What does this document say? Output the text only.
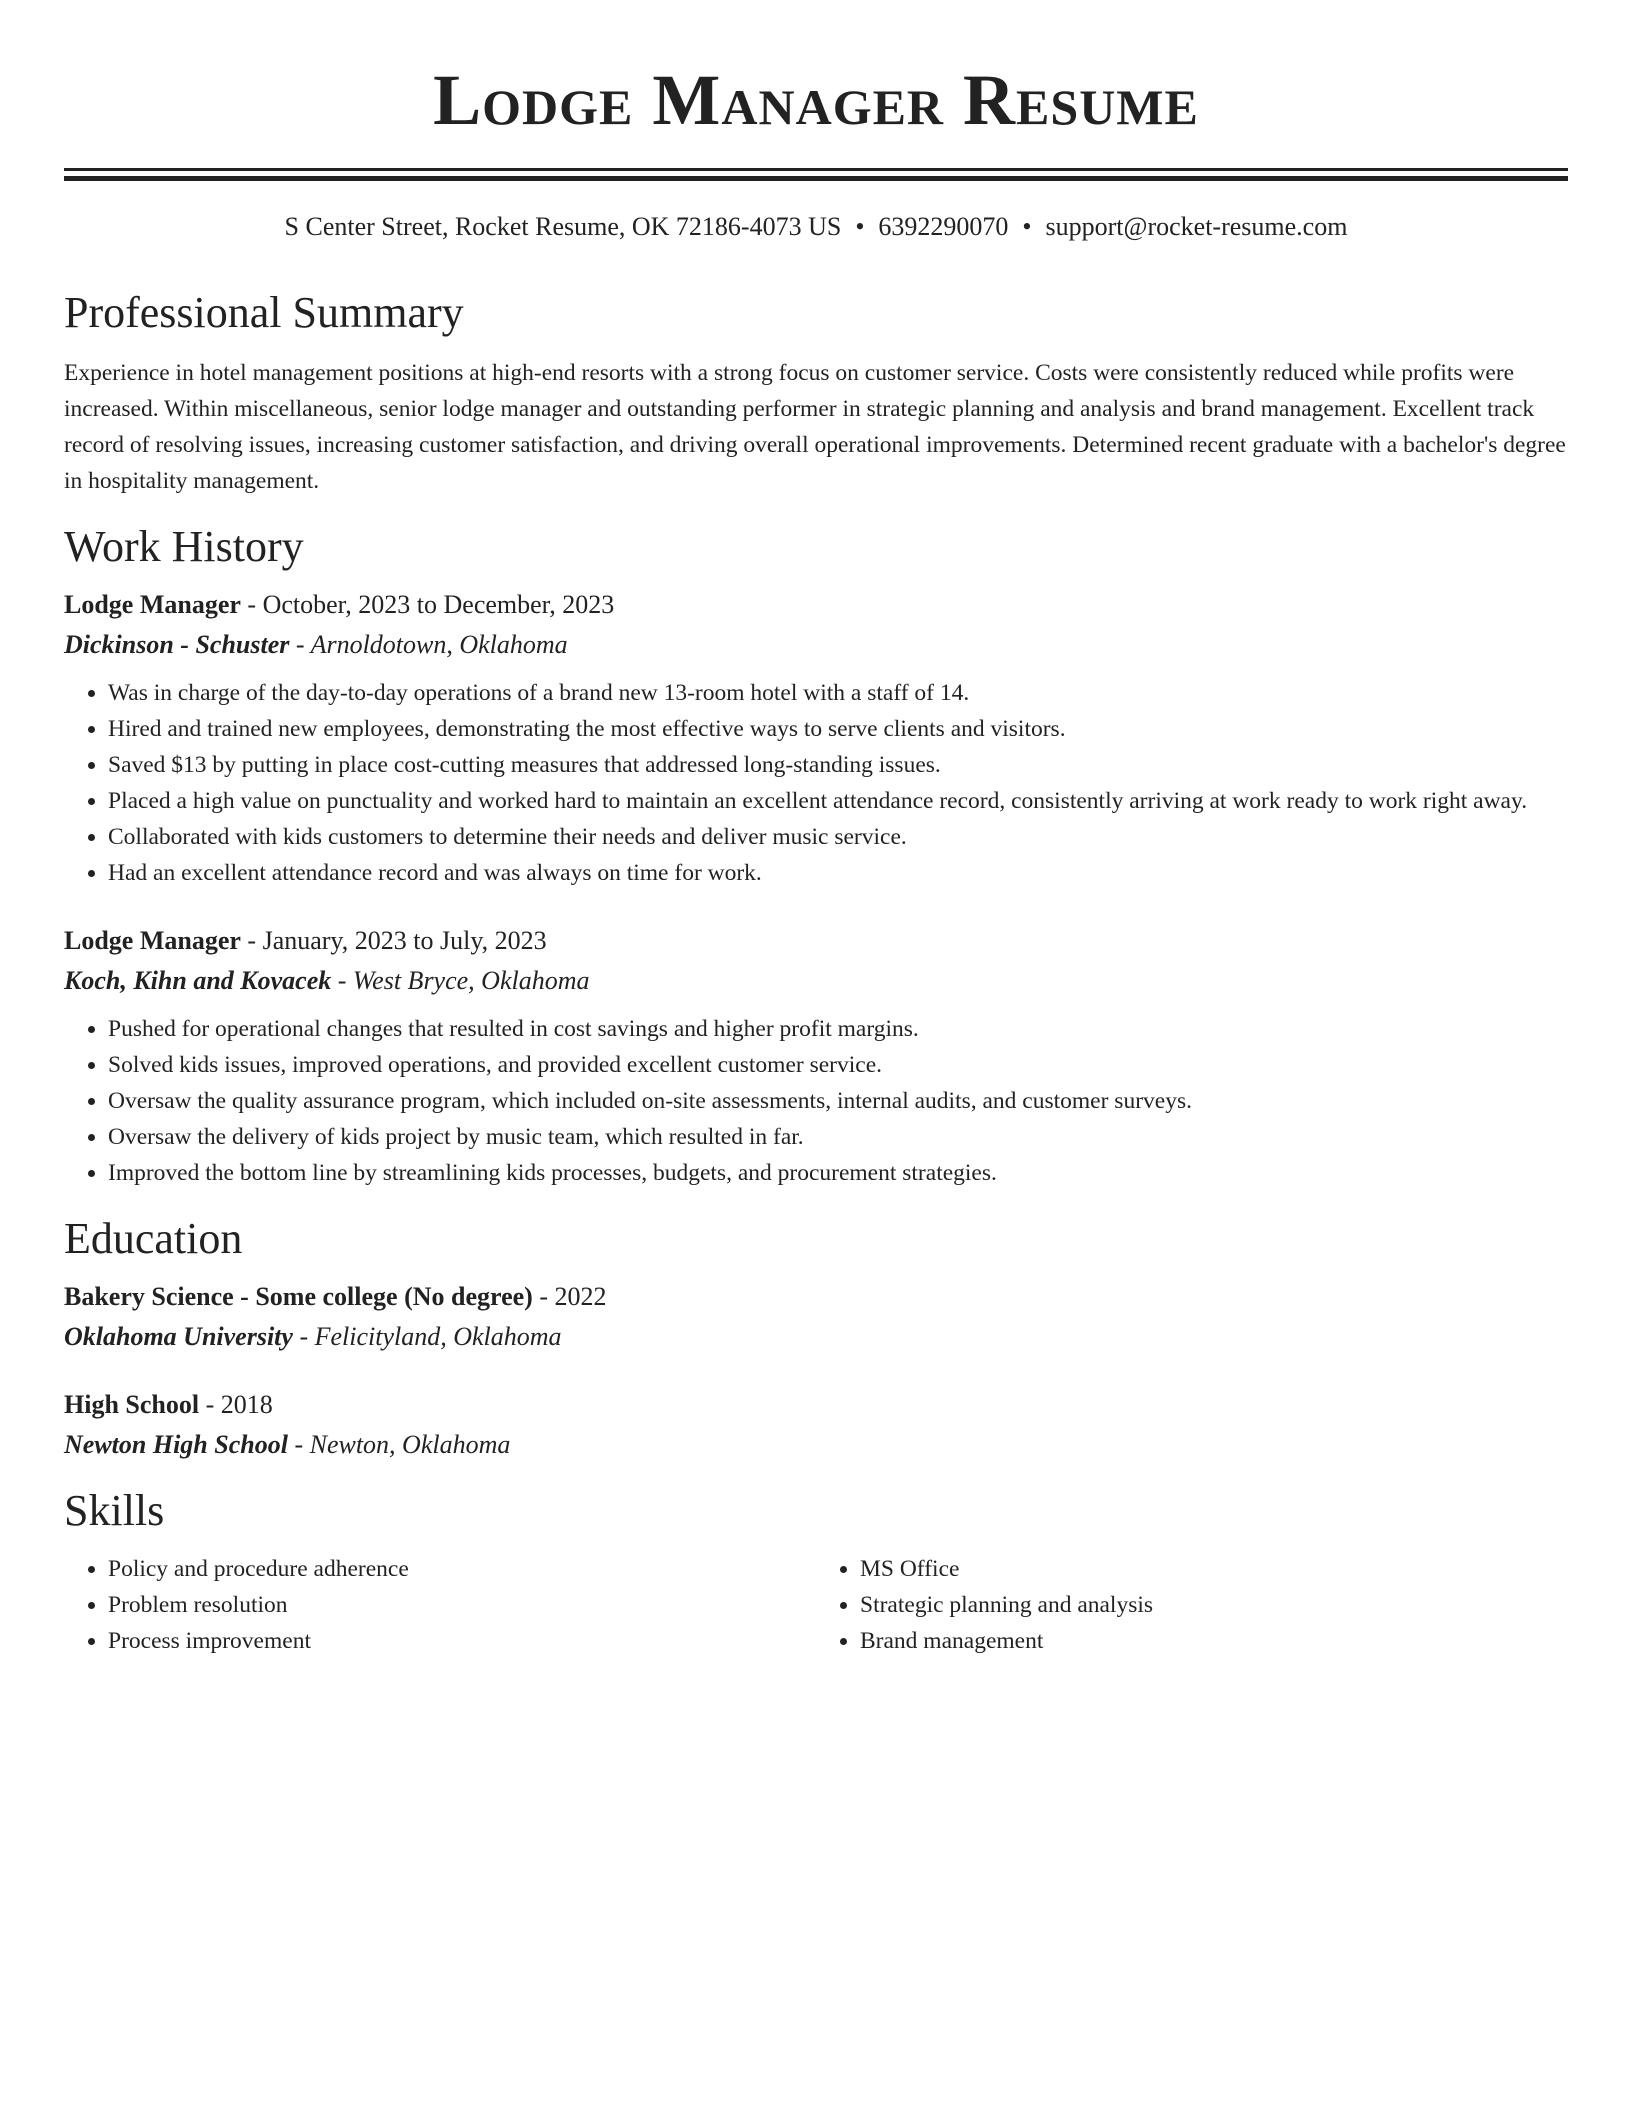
Lodge Manager Resume
S Center Street, Rocket Resume, OK 72186-4073 US • 6392290070 • support@rocket-resume.com
Professional Summary

Experience in hotel management positions at high-end resorts with a strong focus on customer service. Costs were consistently reduced while profits were increased. Within miscellaneous, senior lodge manager and outstanding performer in strategic planning and analysis and brand management. Excellent track record of resolving issues, increasing customer satisfaction, and driving overall operational improvements. Determined recent graduate with a bachelor's degree in hospitality management.

Work History
Lodge Manager - October, 2023 to December, 2023
Dickinson - Schuster - Arnoldotown, Oklahoma
• Was in charge of the day-to-day operations of a brand new 13-room hotel with a staff of 14.
• Hired and trained new employees, demonstrating the most effective ways to serve clients and visitors.
• Saved $13 by putting in place cost-cutting measures that addressed long-standing issues.
• Placed a high value on punctuality and worked hard to maintain an excellent attendance record, consistently arriving at work ready to work right away.
• Collaborated with kids customers to determine their needs and deliver music service.
• Had an excellent attendance record and was always on time for work.
Lodge Manager - January, 2023 to July, 2023
Koch, Kihn and Kovacek - West Bryce, Oklahoma
• Pushed for operational changes that resulted in cost savings and higher profit margins.
• Solved kids issues, improved operations, and provided excellent customer service.
• Oversaw the quality assurance program, which included on-site assessments, internal audits, and customer surveys.
• Oversaw the delivery of kids project by music team, which resulted in far.
• Improved the bottom line by streamlining kids processes, budgets, and procurement strategies.
Education
Bakery Science - Some college (No degree) - 2022
Oklahoma University - Felicityland, Oklahoma
High School - 2018
Newton High School - Newton, Oklahoma
Skills
• Policy and procedure adherence
• Problem resolution
• Process improvement
• MS Office
• Strategic planning and analysis
• Brand management
